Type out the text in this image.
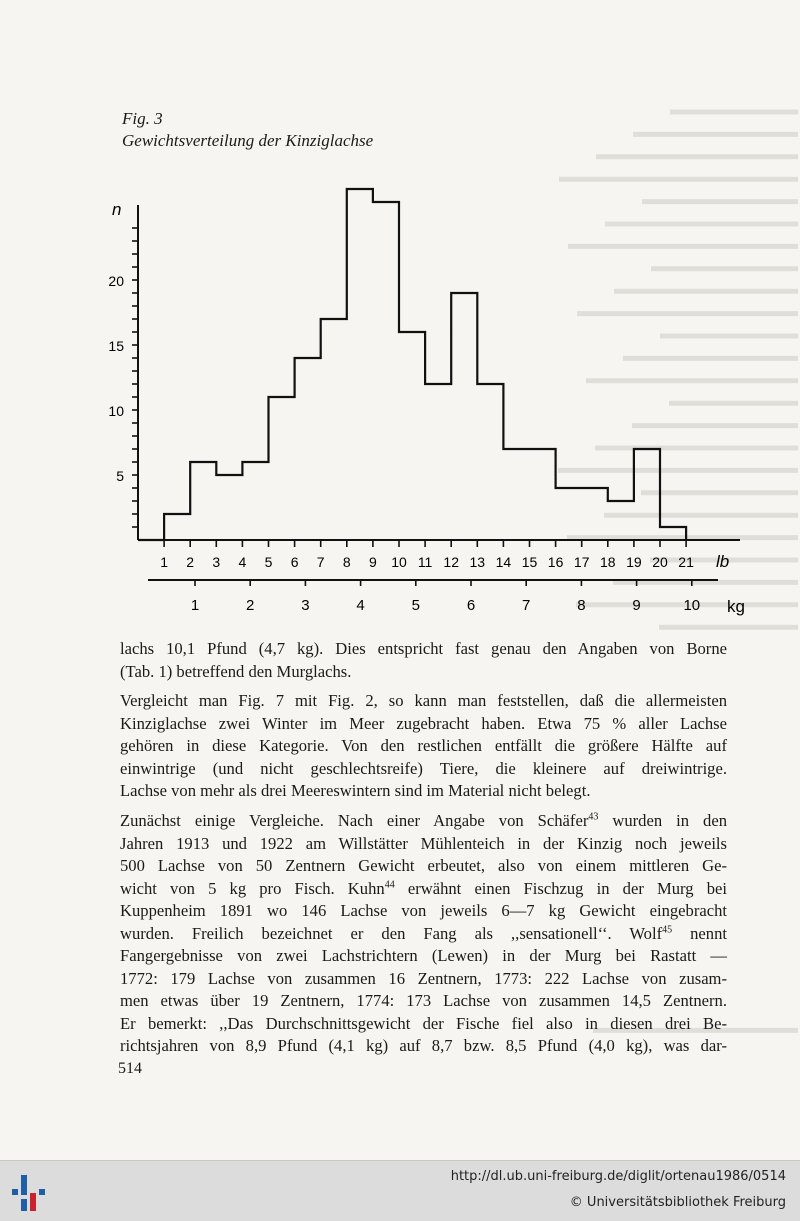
Fig. 3
Gewichtsverteilung der Kinziglachse
n
5
10
15
20
1 2 3 4 5 6 7 8 9 10 11 12 13 14 15 16 17 18 19 20 21 lb
1	2	3	4	5	6	7	8	9	10 kg
lachs 10,1 Pfund (4,7 kg). Dies entspricht fast genau den Angaben von Borne
(Tab. 1) betreffend den Murglachs.
Vergleicht man Fig. 7 mit Fig. 2, so kann man feststellen, daß die allermeisten
Kinziglachse zwei Winter im Meer zugebracht haben. Etwa 75 % aller Lachse
gehören in diese Kategorie. Von den restlichen entfällt die größere Hälfte auf
einwintrige (und nicht geschlechtsreife) Tiere, die kleinere auf dreiwintrige.
Lachse von mehr als drei Meereswintern sind im Material nicht belegt.
Zunächst einige Vergleiche. Nach einer Angabe von Schäfer$^{43}$ wurden in den
Jahren 1913 und 1922 am Willstätter Mühlenteich in der Kinzig noch jeweils
500 Lachse von 50 Zentnern Gewicht erbeutet, also von einem mittleren Ge-
wicht von 5 kg pro Fisch. Kuhn$^{44}$ erwähnt einen Fischzug in der Murg bei
Kuppenheim 1891 wo 146 Lachse von jeweils 6—7 kg Gewicht eingebracht
wurden. Freilich bezeichnet er den Fang als ,,sensationell‘‘. Wolf$^{45}$ nennt
Fangergebnisse von zwei Lachstrichtern (Lewen) in der Murg bei Rastatt —
1772: 179 Lachse von zusammen 16 Zentnern, 1773: 222 Lachse von zusam-
men etwas über 19 Zentnern, 1774: 173 Lachse von zusammen 14,5 Zentnern.
Er bemerkt: ,,Das Durchschnittsgewicht der Fische fiel also in diesen drei Be-
richtsjahren von 8,9 Pfund (4,1 kg) auf 8,7 bzw. 8,5 Pfund (4,0 kg), was dar-
514
http://dl.ub.uni-freiburg.de/diglit/ortenau1986/0514
© Universitätsbibliothek Freiburg
